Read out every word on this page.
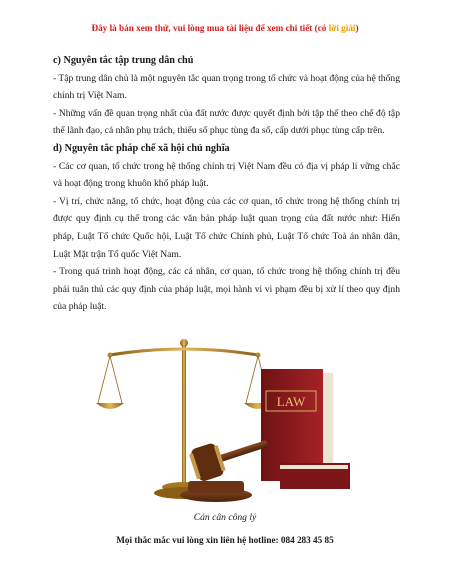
Đây là bản xem thử, vui lòng mua tài liệu để xem chi tiết (có lời giải)
c) Nguyên tắc tập trung dân chủ

- Tập trung dân chủ là một nguyên tắc quan trọng trong tổ chức và hoạt động của hệ thống chính trị Việt Nam.

- Những vấn đề quan trọng nhất của đất nước được quyết định bởi tập thể theo chế độ tập thể lãnh đạo, cá nhân phụ trách, thiểu số phục tùng đa số, cấp dưới phục tùng cấp trên.

d) Nguyên tắc pháp chế xã hội chủ nghĩa

- Các cơ quan, tổ chức trong hệ thống chính trị Việt Nam đều có địa vị pháp lí vững chắc và hoạt động trong khuôn khổ pháp luật.

- Vị trí, chức năng, tổ chức, hoạt động của các cơ quan, tổ chức trong hệ thống chính trị được quy định cụ thể trong các văn bản pháp luật quan trọng của đất nước như: Hiến pháp, Luật Tổ chức Quốc hội, Luật Tổ chức Chính phủ, Luật Tổ chức Toà án nhân dân, Luật Mặt trận Tổ quốc Việt Nam.

- Trong quá trình hoạt động, các cá nhân, cơ quan, tổ chức trong hệ thống chính trị đều phải tuân thủ các quy định của pháp luật, mọi hành vi vi phạm đều bị xử lí theo quy định của pháp luật.

LAW
Cán cân công lý
Mọi thắc mắc vui lòng xin liên hệ hotline: 084 283 45 85
